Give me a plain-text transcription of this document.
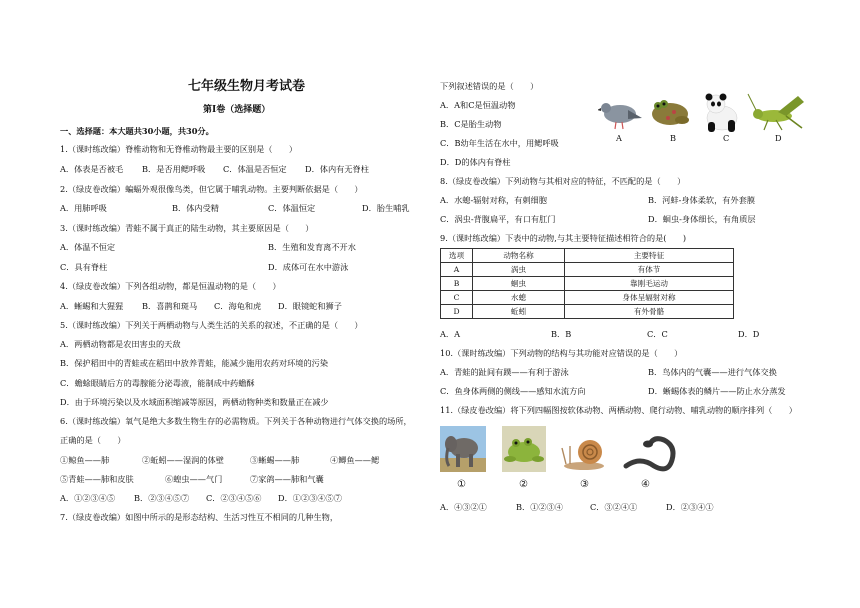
七年级生物月考试卷
第Ⅰ卷（选择题）
一、选择题：本大题共30小题，共30分。
1.（课时练改编）脊椎动物和无脊椎动物最主要的区别是（　　）
A．体表是否被毛 B．是否用鳃呼吸 C．体温是否恒定 D．体内有无脊柱
2.（绿皮卷改编）蝙蝠外观很像鸟类，但它属于哺乳动物。主要判断依据是（　　）
A．用肺呼吸	B．体内受精	C．体温恒定	D．胎生哺乳
3.（课时练改编）青蛙不属于真正的陆生动物，其主要原因是（　　）
A．体温不恒定	B．生殖和发育离不开水
C．具有脊柱	D．成体可在水中游泳
4.（绿皮卷改编）下列各组动物，都是恒温动物的是（　　）
A．蜥蜴和大猩猩 B．喜鹊和斑马 C．海龟和虎 D．眼镜蛇和狮子
5.（课时练改编）下列关于两栖动物与人类生活的关系的叙述，不正确的是（　　）
A．两栖动物都是农田害虫的天敌
B．保护稻田中的青蛙或在稻田中放养青蛙，能减少施用农药对环境的污染
C．蟾蜍眼睛后方的毒腺能分泌毒液，能制成中药蟾酥
D．由于环境污染以及水域面积缩减等原因，两栖动物种类和数量正在减少
6.（课时练改编）氧气是绝大多数生物生存的必需物质。下列关于各种动物进行气体交换的场所，
正确的是（　　）
①鲸鱼——肺	②蚯蚓——湿润的体壁	③蜥蜴——肺	④鲫鱼——鳃
⑤青蛙——肺和皮肤	⑥蝗虫——气门	⑦家鸽——肺和气囊
A．①②③④⑤ B．②③④⑤⑦ C．②③④⑤⑥ D．①②③④⑤⑦
7.（绿皮卷改编）如图中所示的是形态结构、生活习性互不相同的几种生物，
下列叙述错误的是（　　）
A．A和C是恒温动物
B．C是胎生动物
C．B幼年生活在水中，用鳃呼吸
D．D的体内有脊柱
A	B	C	D
8.（绿皮卷改编）下列动物与其相对应的特征，不匹配的是（　　）
A．水螅-辐射对称，有刺细胞	B．河蚌-身体柔软，有外套膜
C．涡虫-背腹扁平，有口有肛门	D．蛔虫-身体细长，有角质层
9.（课时练改编）下表中的动物,与其主要特征描述相符合的是(　　)
选项	动物名称	主要特征
A	涡虫	有体节
B	蛔虫	靠刚毛运动
C	水螅	身体呈辐射对称
D	蚯蚓	有外骨骼
A．A	B．B	C．C	D．D
10.（课时练改编）下列动物的结构与其功能对应错误的是（　　）
A．青蛙的趾间有蹼——有利于游泳	B．鸟体内的气囊——进行气体交换
C．鱼身体两侧的侧线——感知水流方向	D．蜥蜴体表的鳞片——防止水分蒸发
11.（绿皮卷改编）将下列四幅图按软体动物、两栖动物、爬行动物、哺乳动物的顺序排列（　　）
①	②	③	④
A．④③②①	B．①②③④	C．③②④①	D．②③④①
